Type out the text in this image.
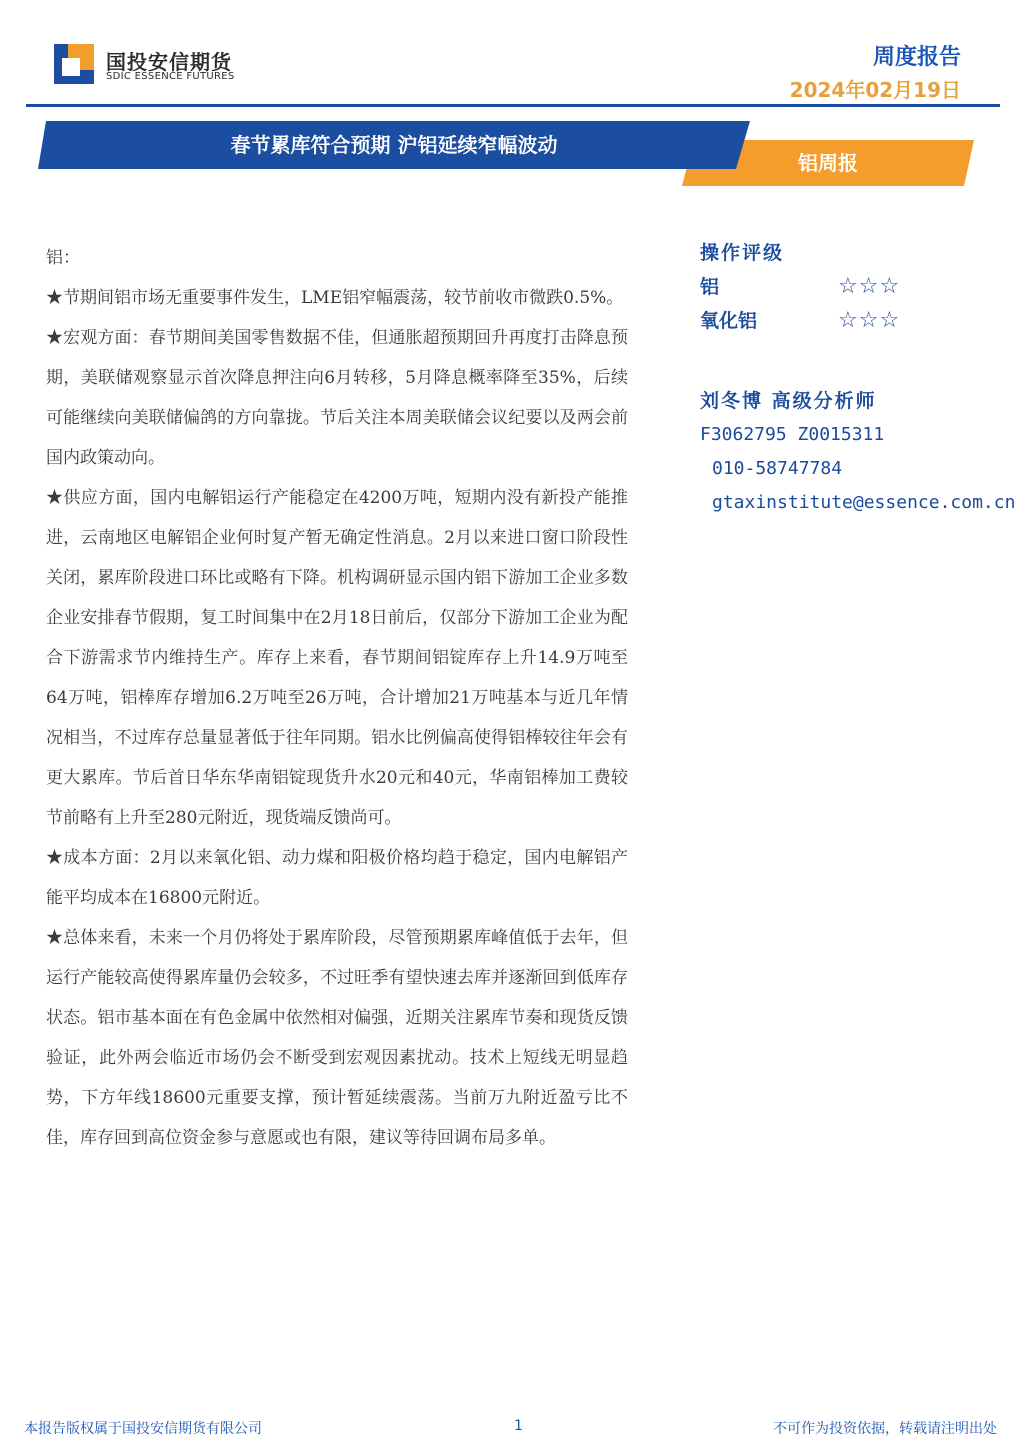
国投安信期货
SDIC ESSENCE FUTURES
周度报告
2024年02月19日
铝周报
春节累库符合预期 沪铝延续窄幅波动

铝：

★节期间铝市场无重要事件发生，LME铝窄幅震荡，较节前收市微跌0.5%。

★宏观方面：春节期间美国零售数据不佳，但通胀超预期回升再度打击降息预期，美联储观察显示首次降息押注向6月转移，5月降息概率降至35%，后续可能继续向美联储偏鸽的方向靠拢。节后关注本周美联储会议纪要以及两会前国内政策动向。

★供应方面，国内电解铝运行产能稳定在4200万吨，短期内没有新投产能推进，云南地区电解铝企业何时复产暂无确定性消息。2月以来进口窗口阶段性关闭，累库阶段进口环比或略有下降。机构调研显示国内铝下游加工企业多数企业安排春节假期，复工时间集中在2月18日前后，仅部分下游加工企业为配合下游需求节内维持生产。库存上来看，春节期间铝锭库存上升14.9万吨至64万吨，铝棒库存增加6.2万吨至26万吨，合计增加21万吨基本与近几年情况相当，不过库存总量显著低于往年同期。铝水比例偏高使得铝棒较往年会有更大累库。节后首日华东华南铝锭现货升水20元和40元，华南铝棒加工费较节前略有上升至280元附近，现货端反馈尚可。

★成本方面：2月以来氧化铝、动力煤和阳极价格均趋于稳定，国内电解铝产能平均成本在16800元附近。

★总体来看，未来一个月仍将处于累库阶段，尽管预期累库峰值低于去年，但运行产能较高使得累库量仍会较多，不过旺季有望快速去库并逐渐回到低库存状态。铝市基本面在有色金属中依然相对偏强，近期关注累库节奏和现货反馈验证，此外两会临近市场仍会不断受到宏观因素扰动。技术上短线无明显趋势，下方年线18600元重要支撑，预计暂延续震荡。当前万九附近盈亏比不佳，库存回到高位资金参与意愿或也有限，建议等待回调布局多单。

操作评级
铝	☆☆☆
氧化铝	☆☆☆
刘冬博 高级分析师
F3062795 Z0015311
010-58747784
gtaxinstitute@essence.com.cn
本报告版权属于国投安信期货有限公司	1	不可作为投资依据，转载请注明出处
